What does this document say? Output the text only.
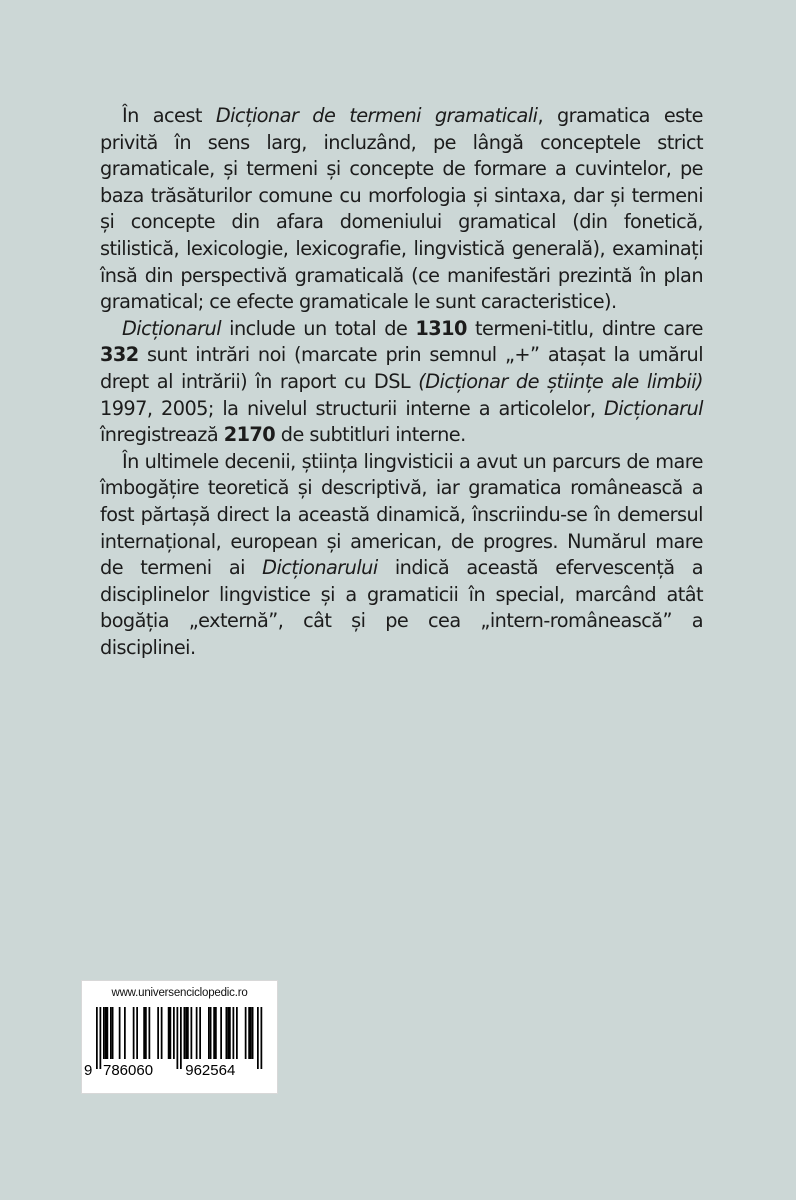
În acest Dicționar de termeni gramaticali, gramatica este privită în sens larg, incluzând, pe lângă conceptele strict gramaticale, și termeni și concepte de formare a cuvintelor, pe baza trăsăturilor comune cu morfologia și sintaxa, dar și termeni și concepte din afara domeniului gramatical (din fonetică, stilistică, lexicologie, lexicografie, lingvistică generală), examinați însă din perspectivă gramaticală (ce manifestări prezintă în plan gramatical; ce efecte gramaticale le sunt caracteristice).

Dicționarul include un total de 1310 termeni-titlu, dintre care 332 sunt intrări noi (marcate prin semnul „+” atașat la umărul drept al intrării) în raport cu DSL (Dicționar de științe ale limbii) 1997, 2005; la nivelul structurii interne a articolelor, Dicționarul înregistrează 2170 de subtitluri interne.

În ultimele decenii, știința lingvisticii a avut un parcurs de mare îmbogățire teoretică și descriptivă, iar gramatica românească a fost părtașă direct la această dinamică, înscriindu-se în demersul internațional, european și american, de progres. Numărul mare de termeni ai Dicționarului indică această efervescență a disciplinelor lingvistice și a gramaticii în special, marcând atât bogăția „externă”, cât și pe cea „intern-românească” a disciplinei.

www.universenciclopedic.ro
9 786060 962564
